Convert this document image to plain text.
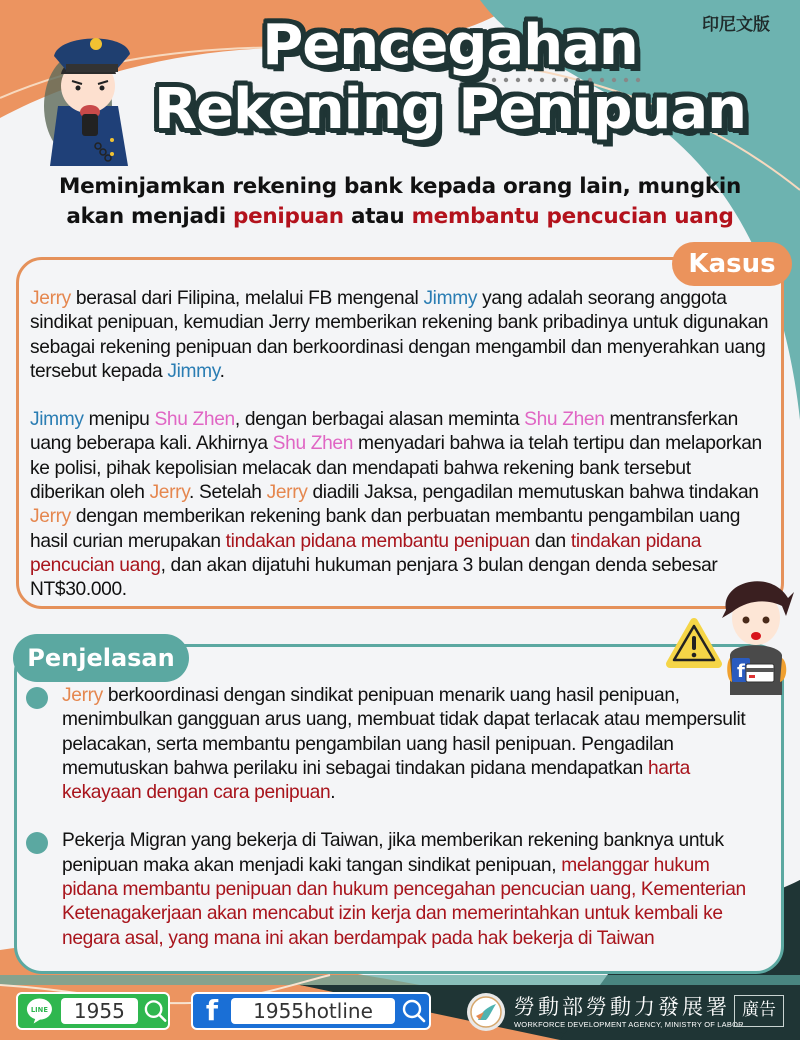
印尼文版
Pencegahan
Rekening Penipuan
Meminjamkan rekening bank kepada orang lain, mungkin
akan menjadi penipuan atau membantu pencucian uang
Kasus

Jerry berasal dari Filipina, melalui FB mengenal Jimmy yang adalah seorang anggota sindikat penipuan, kemudian Jerry memberikan rekening bank pribadinya untuk digunakan sebagai rekening penipuan dan berkoordinasi dengan mengambil dan menyerahkan uang tersebut kepada Jimmy.

Jimmy menipu Shu Zhen, dengan berbagai alasan meminta Shu Zhen mentransferkan uang beberapa kali. Akhirnya Shu Zhen menyadari bahwa ia telah tertipu dan melaporkan ke polisi, pihak kepolisian melacak dan mendapati bahwa rekening bank tersebut diberikan oleh Jerry. Setelah Jerry diadili Jaksa, pengadilan memutuskan bahwa tindakan Jerry dengan memberikan rekening bank dan perbuatan membantu pengambilan uang hasil curian merupakan tindakan pidana membantu penipuan dan tindakan pidana pencucian uang, dan akan dijatuhi hukuman penjara 3 bulan dengan denda sebesar NT$30.000.

f
Penjelasan
Jerry berkoordinasi dengan sindikat penipuan menarik uang hasil penipuan, menimbulkan gangguan arus uang, membuat tidak dapat terlacak atau mempersulit pelacakan, serta membantu pengambilan uang hasil penipuan. Pengadilan memutuskan bahwa perilaku ini sebagai tindakan pidana mendapatkan harta kekayaan dengan cara penipuan.
Pekerja Migran yang bekerja di Taiwan, jika memberikan rekening banknya untuk penipuan maka akan menjadi kaki tangan sindikat penipuan, melanggar hukum pidana membantu penipuan dan hukum pencegahan pencucian uang, Kementerian Ketenagakerjaan akan mencabut izin kerja dan memerintahkan untuk kembali ke negara asal, yang mana ini akan berdampak pada hak bekerja di Taiwan
LINE	1955	f	1955hotline	勞動部勞動力發展署
WORKFORCE DEVELOPMENT AGENCY, MINISTRY OF LABOR
廣告
